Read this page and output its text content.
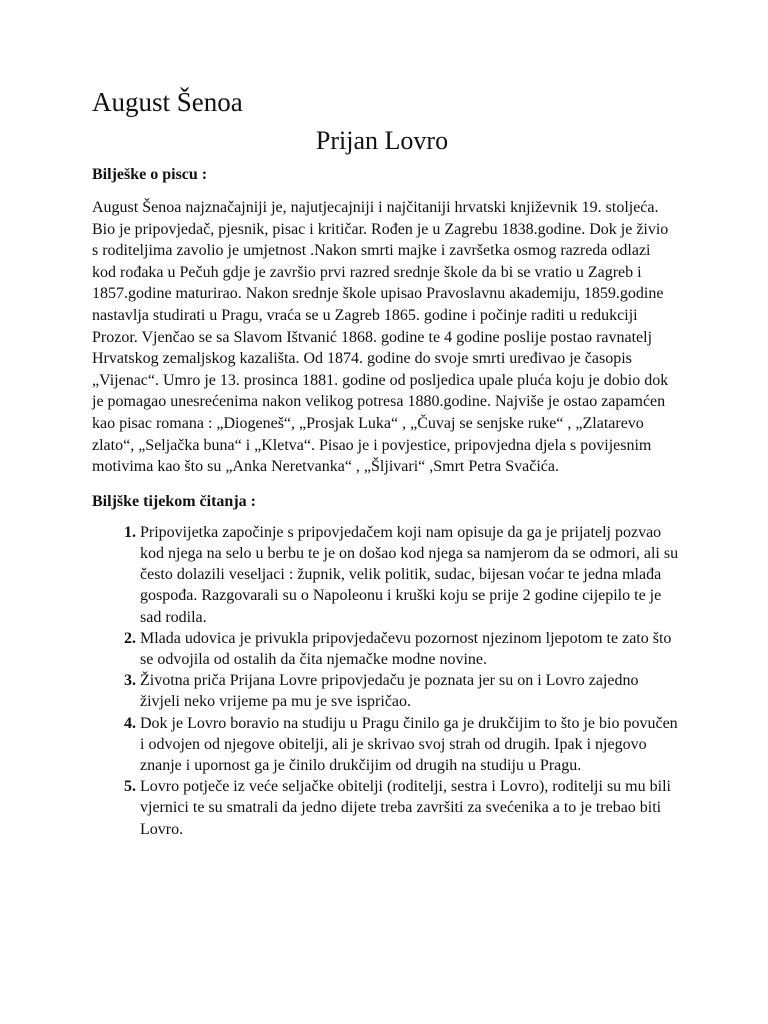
August Šenoa
Prijan Lovro
Bilješke o piscu :

August Šenoa najznačajniji je, najutjecajniji i najčitaniji hrvatski književnik 19. stoljeća. Bio je pripovjedač, pjesnik, pisac i kritičar. Rođen je u Zagrebu 1838.godine. Dok je živio s roditeljima zavolio je umjetnost .Nakon smrti majke i završetka osmog razreda odlazi kod rođaka u Pečuh gdje je završio prvi razred srednje škole da bi se vratio u Zagreb i 1857.godine maturirao. Nakon srednje škole upisao Pravoslavnu akademiju, 1859.godine nastavlja studirati u Pragu, vraća se u Zagreb 1865. godine i počinje raditi u redukciji Prozor. Vjenčao se sa Slavom Ištvanić 1868. godine te 4 godine poslije postao ravnatelj Hrvatskog zemaljskog kazališta. Od 1874. godine do svoje smrti uređivao je časopis „Vijenac“. Umro je 13. prosinca 1881. godine od posljedica upale pluća koju je dobio dok je pomagao unesrećenima nakon velikog potresa 1880.godine. Najviše je ostao zapamćen kao pisac romana : „Diogeneš“, „Prosjak Luka“ , „Čuvaj se senjske ruke“ , „Zlatarevo zlato“, „Seljačka buna“ i „Kletva“. Pisao je i povjestice, pripovjedna djela s povijesnim motivima kao što su „Anka Neretvanka“ , „Šljivari“ ,Smrt Petra Svačića.

Biljške tijekom čitanja :
1. Pripovijetka započinje s pripovjedačem koji nam opisuje da ga je prijatelj pozvao kod njega na selo u berbu te je on došao kod njega sa namjerom da se odmori, ali su često dolazili veseljaci : župnik, velik politik, sudac, bijesan voćar te jedna mlađa gospođa. Razgovarali su o Napoleonu i kruški koju se prije 2 godine cijepilo te je sad rodila.
2. Mlada udovica je privukla pripovjedačevu pozornost njezinom ljepotom te zato što se odvojila od ostalih da čita njemačke modne novine.
3. Životna priča Prijana Lovre pripovjedaču je poznata jer su on i Lovro zajedno živjeli neko vrijeme pa mu je sve ispričao.
4. Dok je Lovro boravio na studiju u Pragu činilo ga je drukčijim to što je bio povučen i odvojen od njegove obitelji, ali je skrivao svoj strah od drugih. Ipak i njegovo znanje i upornost ga je činilo drukčijim od drugih na studiju u Pragu.
5. Lovro potječe iz veće seljačke obitelji (roditelji, sestra i Lovro), roditelji su mu bili vjernici te su smatrali da jedno dijete treba završiti za svećenika a to je trebao biti Lovro.
